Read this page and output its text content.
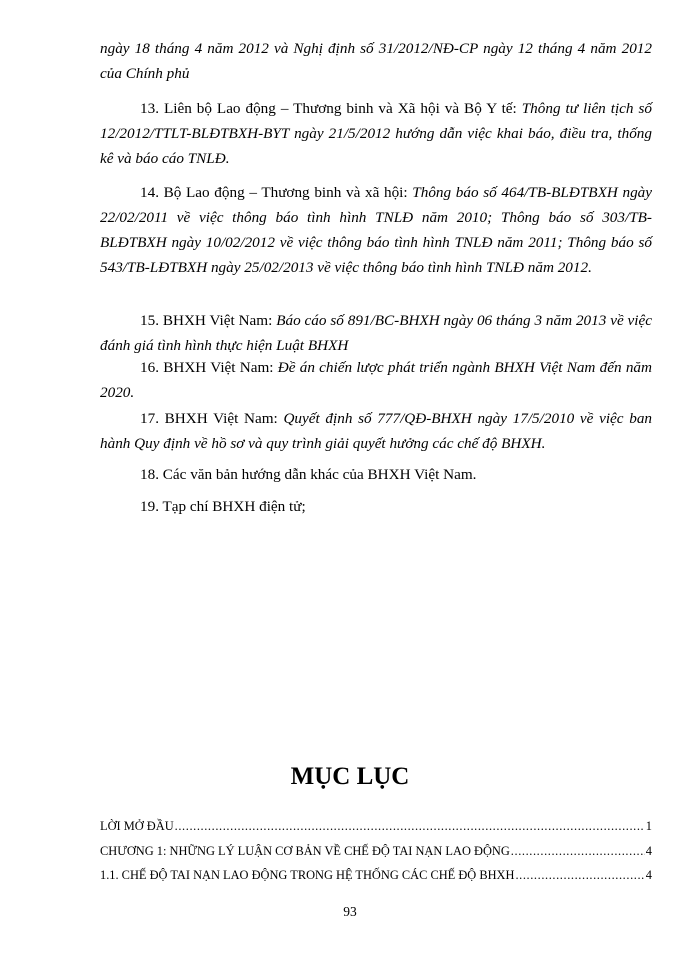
ngày 18 tháng 4 năm 2012 và Nghị định số 31/2012/NĐ-CP ngày 12 tháng 4 năm 2012 của Chính phủ

13. Liên bộ Lao động – Thương binh và Xã hội và Bộ Y tế: Thông tư liên tịch số 12/2012/TTLT-BLĐTBXH-BYT ngày 21/5/2012 hướng dẫn việc khai báo, điều tra, thống kê và báo cáo TNLĐ.

14. Bộ Lao động – Thương binh và xã hội: Thông báo số 464/TB-BLĐTBXH ngày 22/02/2011 về việc thông báo tình hình TNLĐ năm 2010; Thông báo số 303/TB-BLĐTBXH ngày 10/02/2012 về việc thông báo tình hình TNLĐ năm 2011; Thông báo số 543/TB-LĐTBXH ngày 25/02/2013 về việc thông báo tình hình TNLĐ năm 2012.

15. BHXH Việt Nam: Báo cáo số 891/BC-BHXH ngày 06 tháng 3 năm 2013 về việc đánh giá tình hình thực hiện Luật BHXH

16. BHXH Việt Nam: Đề án chiến lược phát triển ngành BHXH Việt Nam đến năm 2020.

17. BHXH Việt Nam: Quyết định số 777/QĐ-BHXH ngày 17/5/2010 về việc ban hành Quy định về hồ sơ và quy trình giải quyết hưởng các chế độ BHXH.

18. Các văn bản hướng dẫn khác của BHXH Việt Nam.

19. Tạp chí BHXH điện tử;

MỤC LỤC
LỜI MỞ ĐẦU .....	1
CHƯƠNG 1: NHỮNG LÝ LUẬN CƠ BẢN VỀ CHẾ ĐỘ TAI NẠN LAO ĐỘNG .....	4
1.1. CHẾ ĐỘ TAI NẠN LAO ĐỘNG TRONG HỆ THỐNG CÁC CHẾ ĐỘ BHXH .....	4
93
